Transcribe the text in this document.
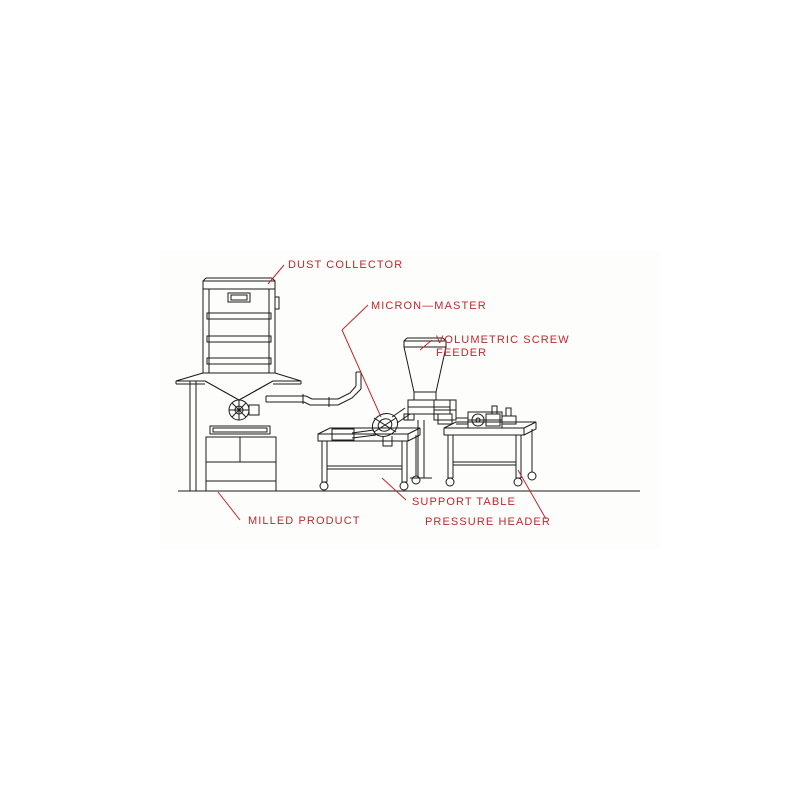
DUST COLLECTOR
MICRON—MASTER
VOLUMETRIC SCREW FEEDER
MILLED PRODUCT
SUPPORT TABLE
PRESSURE HEADER
